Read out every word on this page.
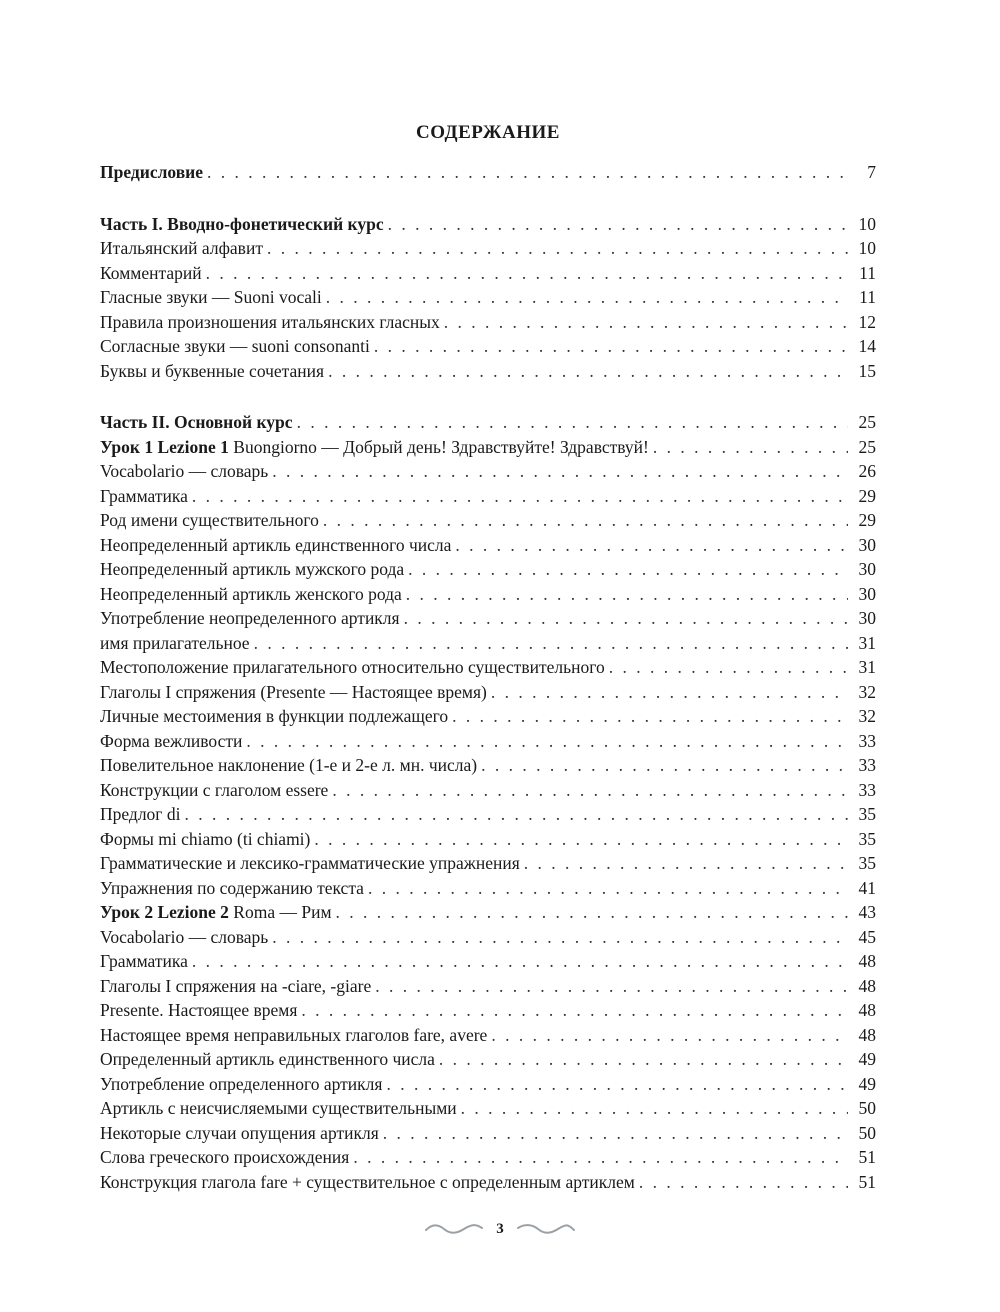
СОДЕРЖАНИЕ
Предисловие . . .	7
Часть I. Вводно-фонетический курс . . .	10
Итальянский алфавит . . .	10
Комментарий . . .	11
Гласные звуки — Suoni vocali . . .	11
Правила произношения итальянских гласных . . .	12
Согласные звуки — suoni consonanti . . .	14
Буквы и буквенные сочетания . . .	15
Часть II. Основной курс . . .	25
Урок 1 Lezione 1 Buongiorno — Добрый день! Здравствуйте! Здравствуй! . . .	25
Vocabolario — словарь . . .	26
Грамматика . . .	29
Род имени существительного . . .	29
Неопределенный артикль единственного числа . . .	30
Неопределенный артикль мужского рода . . .	30
Неопределенный артикль женского рода . . .	30
Употребление неопределенного артикля . . .	30
имя прилагательное . . .	31
Местоположение прилагательного относительно существительного . . .	31
Глаголы I спряжения (Presente — Настоящее время) . . .	32
Личные местоимения в функции подлежащего . . .	32
Форма вежливости . . .	33
Повелительное наклонение (1-е и 2-е л. мн. числа) . . .	33
Конструкции с глаголом essere . . .	33
Предлог di . . .	35
Формы mi chiamo (ti chiami) . . .	35
Грамматические и лексико-грамматические упражнения . . .	35
Упражнения по содержанию текста . . .	41
Урок 2 Lezione 2 Roma — Рим . . .	43
Vocabolario — словарь . . .	45
Грамматика . . .	48
Глаголы I спряжения на -ciare, -giare . . .	48
Presente. Настоящее время . . .	48
Настоящее время неправильных глаголов fare, avere . . .	48
Определенный артикль единственного числа . . .	49
Употребление определенного артикля . . .	49
Артикль с неисчисляемыми существительными . . .	50
Некоторые случаи опущения артикля . . .	50
Слова греческого происхождения . . .	51
Конструкция глагола fare + существительное с определенным артиклем . . .	51
3
